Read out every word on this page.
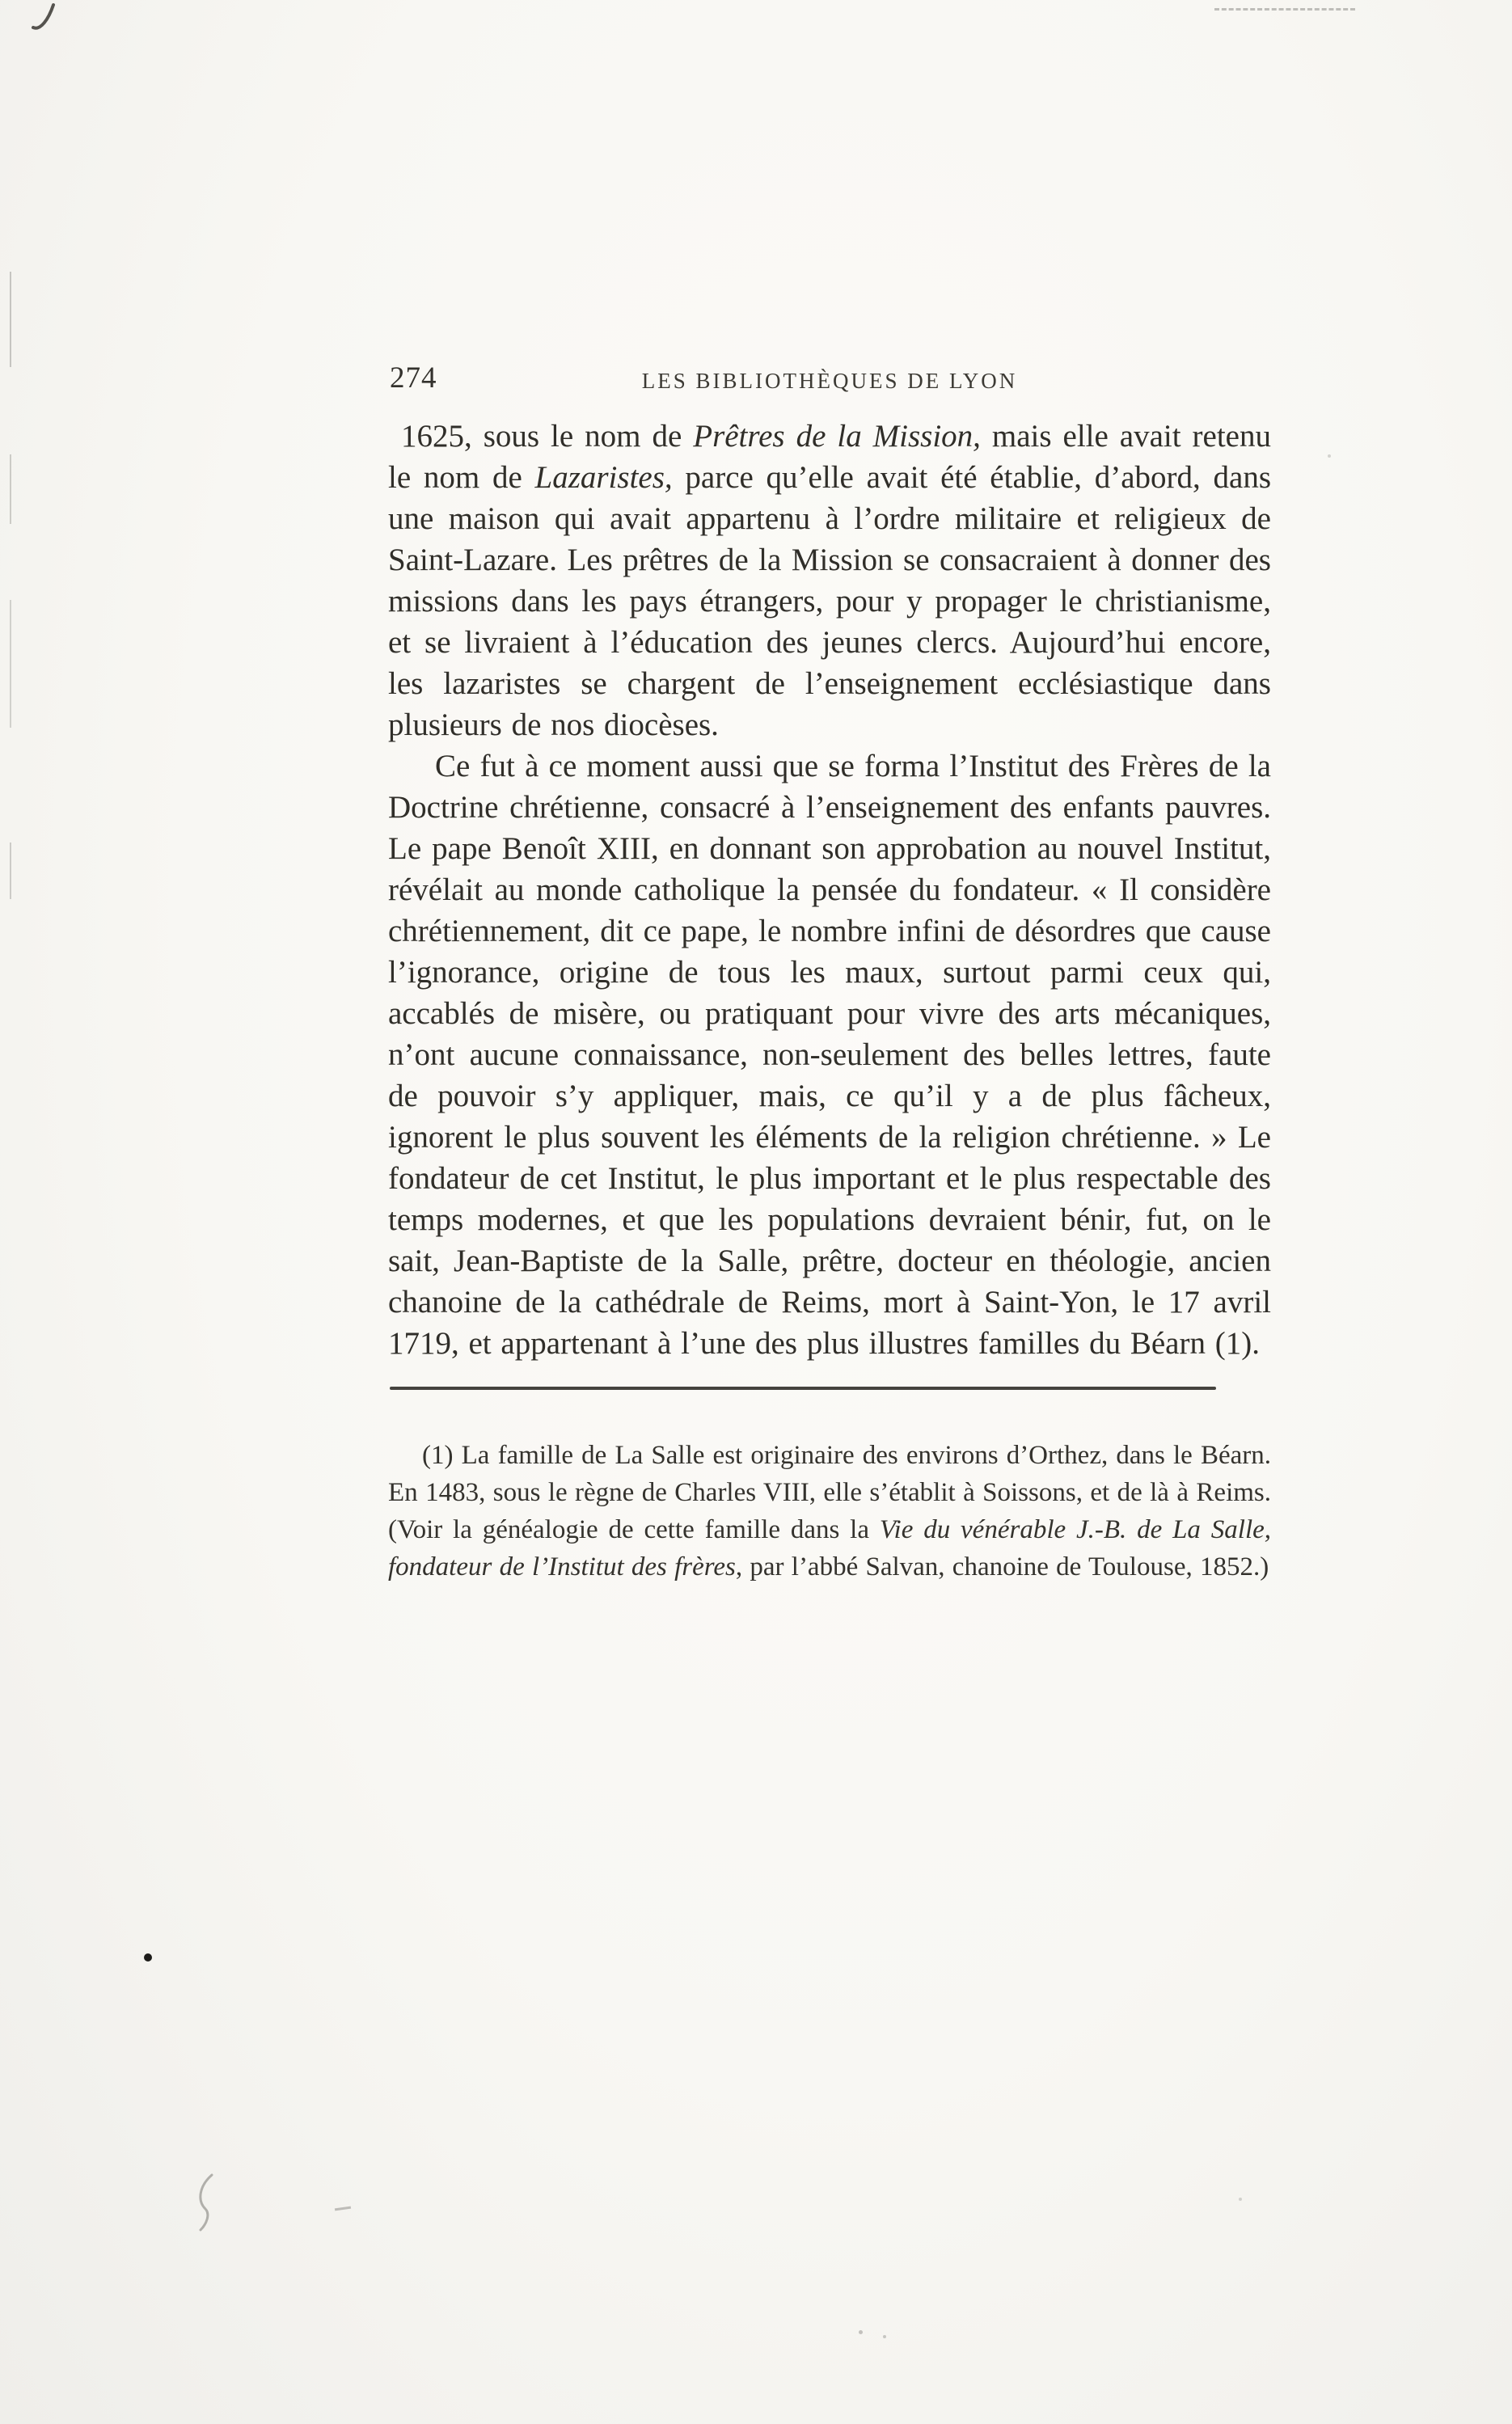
274	LES BIBLIOTHÈQUES DE LYON

1625, sous le nom de Prêtres de la Mission, mais elle avait retenu le nom de Lazaristes, parce qu’elle avait été établie, d’abord, dans une maison qui avait appartenu à l’ordre militaire et religieux de Saint-Lazare. Les prêtres de la Mission se consacraient à donner des missions dans les pays étrangers, pour y propager le christianisme, et se livraient à l’éducation des jeunes clercs. Aujourd’hui encore, les lazaristes se chargent de l’enseignement ecclésiastique dans plusieurs de nos diocèses.

Ce fut à ce moment aussi que se forma l’Institut des Frères de la Doctrine chrétienne, consacré à l’enseignement des enfants pauvres. Le pape Benoît XIII, en donnant son approbation au nouvel Institut, révélait au monde catholique la pensée du fondateur. « Il considère chrétiennement, dit ce pape, le nombre infini de désordres que cause l’ignorance, origine de tous les maux, surtout parmi ceux qui, accablés de misère, ou pratiquant pour vivre des arts mécaniques, n’ont aucune connaissance, non-seulement des belles lettres, faute de pouvoir s’y appliquer, mais, ce qu’il y a de plus fâcheux, ignorent le plus souvent les éléments de la religion chrétienne. » Le fondateur de cet Institut, le plus important et le plus respectable des temps modernes, et que les populations devraient bénir, fut, on le sait, Jean-Baptiste de la Salle, prêtre, docteur en théologie, ancien chanoine de la cathédrale de Reims, mort à Saint-Yon, le 17 avril 1719, et appartenant à l’une des plus illustres familles du Béarn (1).

(1) La famille de La Salle est originaire des environs d’Orthez, dans le Béarn. En 1483, sous le règne de Charles VIII, elle s’établit à Soissons, et de là à Reims. (Voir la généalogie de cette famille dans la Vie du vénérable J.-B. de La Salle, fondateur de l’Institut des frères, par l’abbé Salvan, chanoine de Toulouse, 1852.)
